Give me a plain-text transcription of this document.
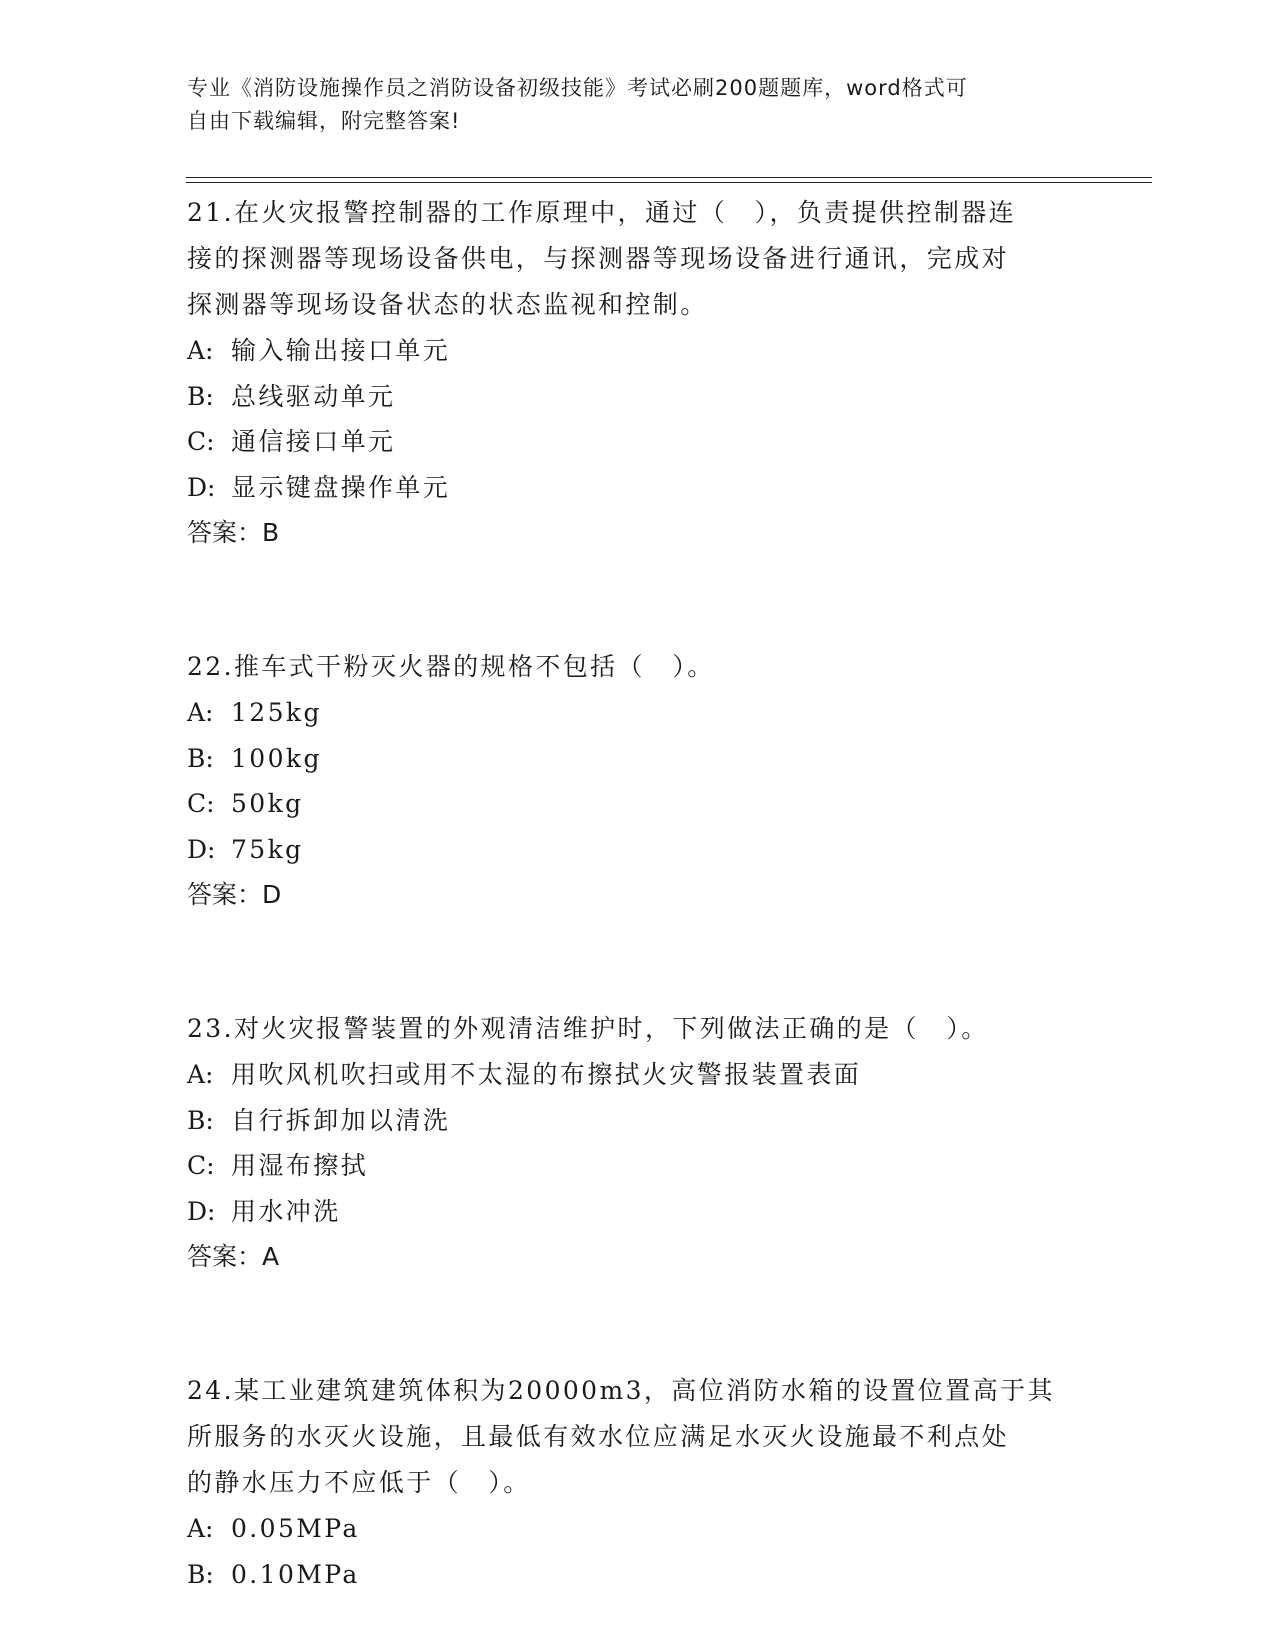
专业《消防设施操作员之消防设备初级技能》考试必刷200题题库，word格式可
自由下载编辑，附完整答案!
21.在火灾报警控制器的工作原理中，通过（　），负责提供控制器连
接的探测器等现场设备供电，与探测器等现场设备进行通讯，完成对
探测器等现场设备状态的状态监视和控制。
A: 输入输出接口单元
B: 总线驱动单元
C: 通信接口单元
D: 显示键盘操作单元
答案：B
22.推车式干粉灭火器的规格不包括（　）。
A: 125kg
B: 100kg
C: 50kg
D: 75kg
答案：D
23.对火灾报警装置的外观清洁维护时，下列做法正确的是（　）。
A: 用吹风机吹扫或用不太湿的布擦拭火灾警报装置表面
B: 自行拆卸加以清洗
C: 用湿布擦拭
D: 用水冲洗
答案：A
24.某工业建筑建筑体积为20000m3，高位消防水箱的设置位置高于其
所服务的水灭火设施，且最低有效水位应满足水灭火设施最不利点处
的静水压力不应低于（　）。
A: 0.05MPa
B: 0.10MPa
